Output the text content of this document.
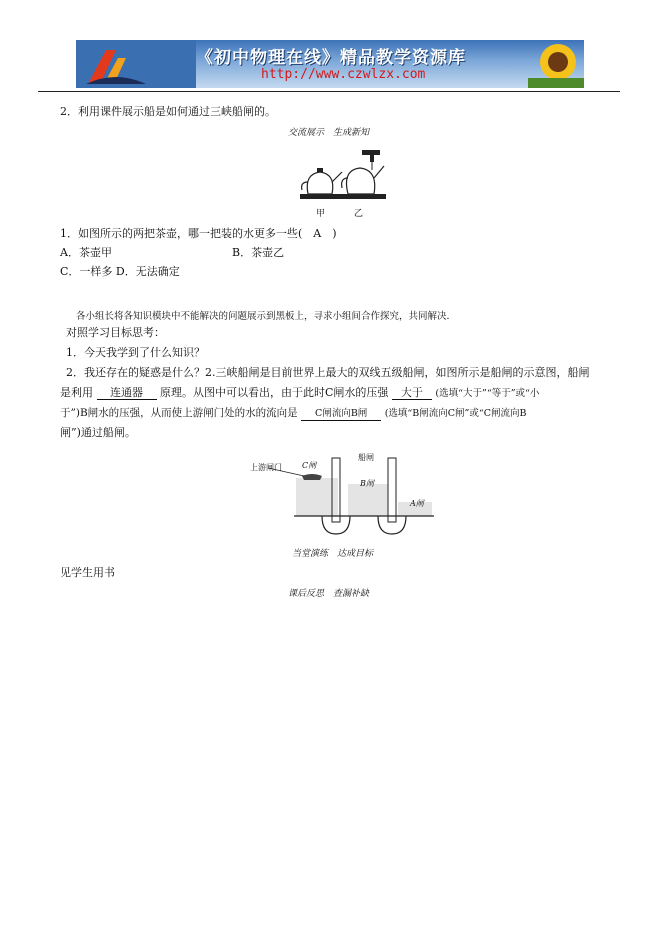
《初中物理在线》精品教学资源库
http://www.czwlzx.com
2．利用课件展示船是如何通过三峡船闸的。
交流展示　生成新知
甲	乙
1．如图所示的两把茶壶，哪一把装的水更多一些(　A　)
A．茶壶甲	B．茶壶乙
C．一样多 D．无法确定
各小组长将各知识模块中不能解决的问题展示到黑板上，寻求小组间合作探究，共同解决．
对照学习目标思考：
1．今天我学到了什么知识？
2．我还存在的疑惑是什么？2.三峡船闸是目前世界上最大的双线五级船闸，如图所示是船闸的示意图，船闸
是利用 连通器 原理。从图中可以看出，由于此时C闸水的压强 大于 (选填“大于”“等于”或“小
于”)B闸水的压强，从而使上游闸门处的水的流向是 C闸流向B闸 (选填“B闸流向C闸”或“C闸流向B
闸”)通过船闸。
上游闸门	C闸
船闸
B闸
A闸
当堂演练　达成目标
见学生用书
课后反思　查漏补缺
